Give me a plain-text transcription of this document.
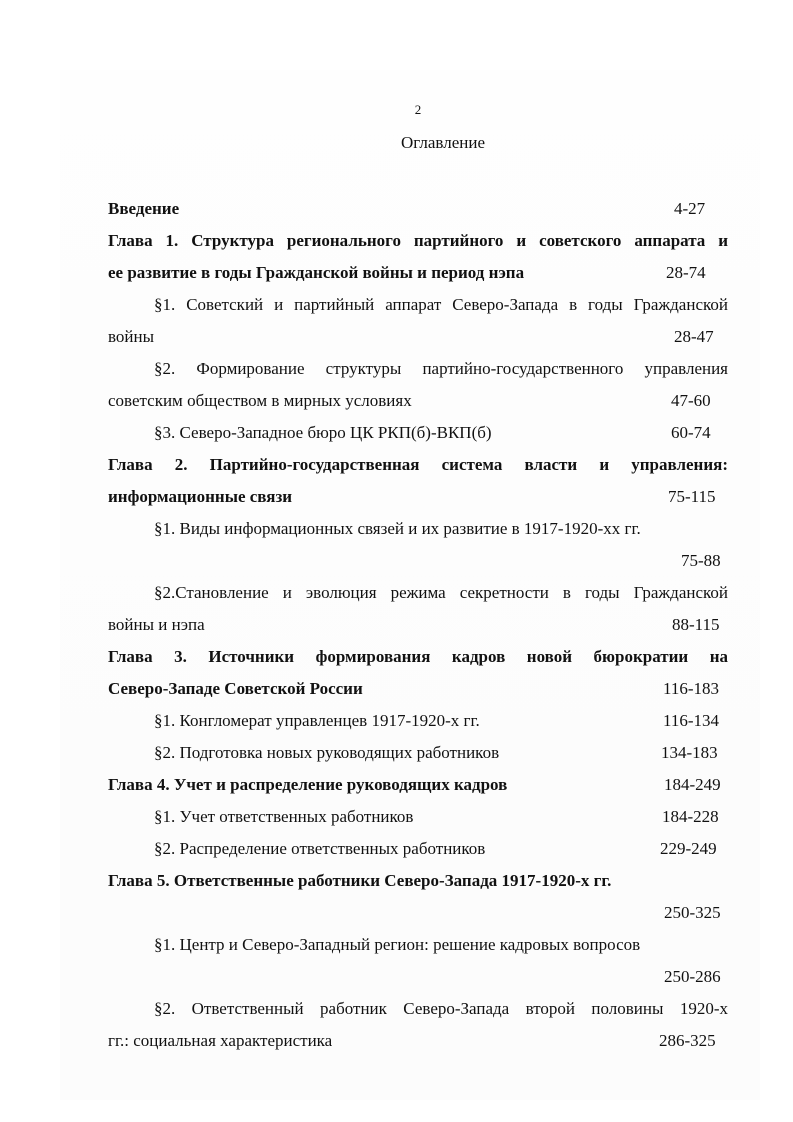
2
Оглавление
Введение	4-27
Глава 1. Структура регионального партийного и советского аппарата и
ее развитие в годы Гражданской войны и период нэпа	28-74
§1. Советский и партийный аппарат Северо-Запада в годы Гражданской
войны	28-47
§2. Формирование структуры партийно-государственного управления
советским обществом в мирных условиях	47-60
§3. Северо-Западное бюро ЦК РКП(б)-ВКП(б)	60-74
Глава 2. Партийно-государственная система власти и управления:
информационные связи	75-115
§1. Виды информационных связей и их развитие в 1917-1920-хх гг.
75-88
§2.Становление и эволюция режима секретности в годы Гражданской
войны и нэпа	88-115
Глава 3. Источники формирования кадров новой бюрократии на
Северо-Западе Советской России	116-183
§1. Конгломерат управленцев 1917-1920-х гг.	116-134
§2. Подготовка новых руководящих работников	134-183
Глава 4. Учет и распределение руководящих кадров	184-249
§1. Учет ответственных работников	184-228
§2. Распределение ответственных работников	229-249
Глава 5. Ответственные работники Северо-Запада 1917-1920-х гг.
250-325
§1. Центр и Северо-Западный регион: решение кадровых вопросов
250-286
§2. Ответственный работник Северо-Запада второй половины 1920-х
гг.: социальная характеристика	286-325
